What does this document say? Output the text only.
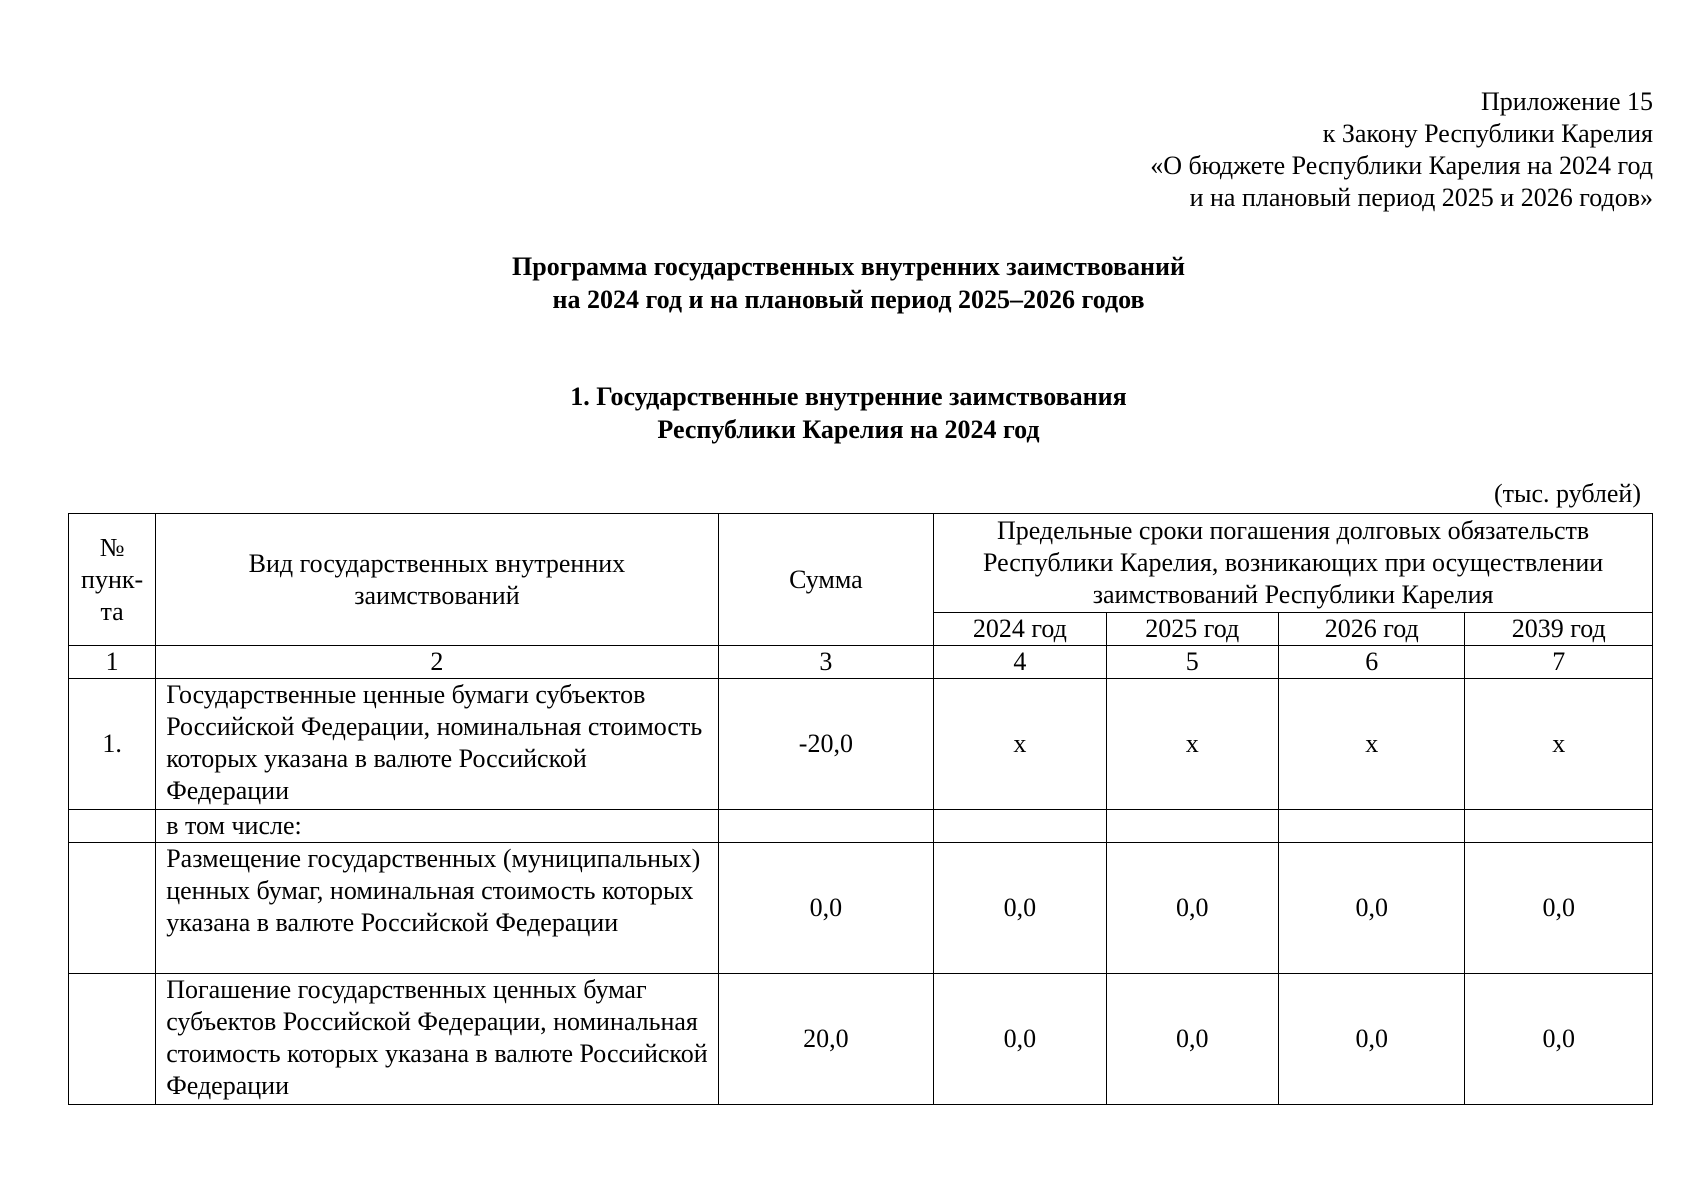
Приложение 15
к Закону Республики Карелия
«О бюджете Республики Карелия на 2024 год
и на плановый период 2025 и 2026 годов»
Программа государственных внутренних заимствований
на 2024 год и на плановый период 2025–2026 годов
1. Государственные внутренние заимствования
Республики Карелия на 2024 год
(тыс. рублей)
№ пунк-та	Вид государственных внутренних заимствований	Сумма	Предельные сроки погашения долговых обязательств Республики Карелия, возникающих при осуществлении заимствований Республики Карелия			
			2024 год	2025 год	2026 год	2039 год
1	2	3	4	5	6	7
1.	Государственные ценные бумаги субъектов Российской Федерации, номинальная стоимость которых указана в валюте Российской Федерации	-20,0	х	х	х	х
	в том числе:					
	Размещение государственных (муниципальных) ценных бумаг, номинальная стоимость которых указана в валюте Российской Федерации	0,0	0,0	0,0	0,0	0,0
	Погашение государственных ценных бумаг субъектов Российской Федерации, номинальная стоимость которых указана в валюте Российской Федерации	20,0	0,0	0,0	0,0	0,0
